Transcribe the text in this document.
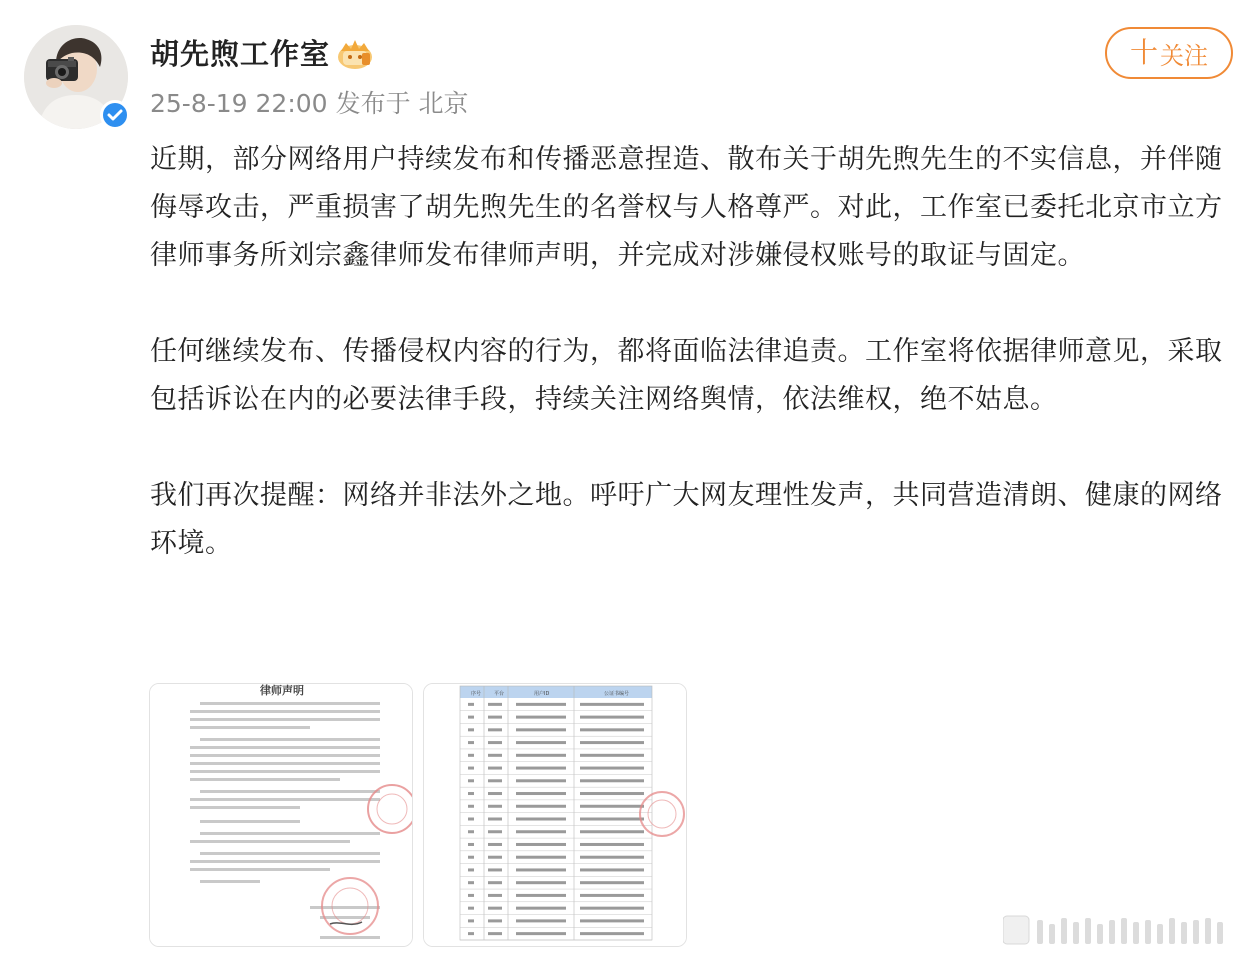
胡先煦工作室
25-8-19 22:00 发布于 北京
十 关注

近期，部分网络用户持续发布和传播恶意捏造、散布关于胡先煦先生的不实信息，并伴随侮辱攻击，严重损害了胡先煦先生的名誉权与人格尊严。对此，工作室已委托北京市立方律师事务所刘宗鑫律师发布律师声明，并完成对涉嫌侵权账号的取证与固定。

任何继续发布、传播侵权内容的行为，都将面临法律追责。工作室将依据律师意见，采取包括诉讼在内的必要法律手段，持续关注网络舆情，依法维权，绝不姑息。

我们再次提醒：网络并非法外之地。呼吁广大网友理性发声，共同营造清朗、健康的网络环境。

律师声明	序号	平台	用户ID	公证书编号
